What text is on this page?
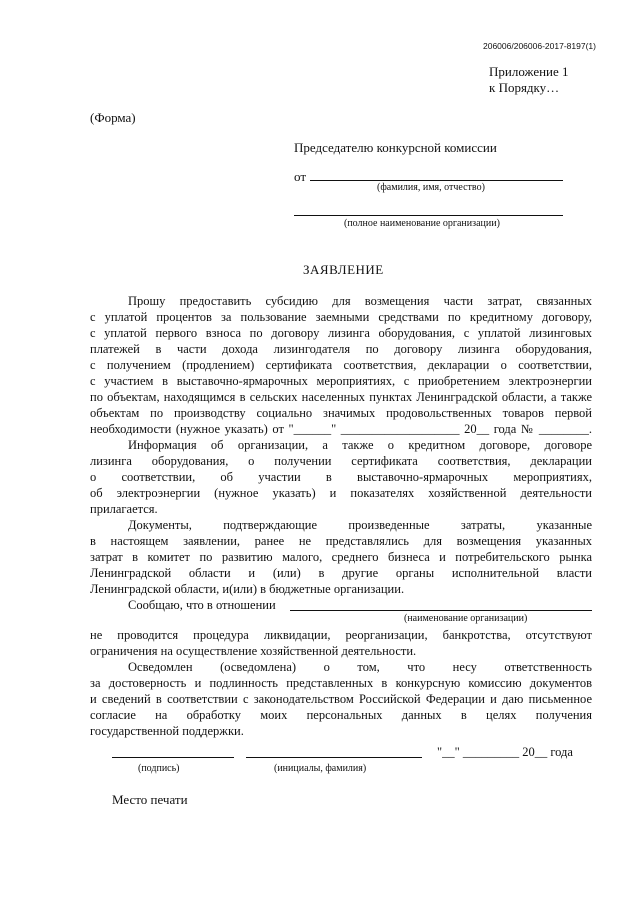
206006/206006-2017-8197(1)
Приложение 1
к Порядку…
(Форма)
Председателю конкурсной комиссии
от
(фамилия, имя, отчество)
(полное наименование организации)
ЗАЯВЛЕНИЕ
Прошу предоставить субсидию для возмещения части затрат, связанных
с уплатой процентов за пользование заемными средствами по кредитному договору,
с уплатой первого взноса по договору лизинга оборудования, с уплатой лизинговых
платежей в части дохода лизингодателя по договору лизинга оборудования,
с получением (продлением) сертификата соответствия, декларации о соответствии,
с участием в выставочно-ярмарочных мероприятиях, с приобретением электроэнергии
по объектам, находящимся в сельских населенных пунктах Ленинградской области, а также
объектам по производству социально значимых продовольственных товаров первой
необходимости (нужное указать) от "______" ___________________ 20__ года № ________.
Информация об организации, а также о кредитном договоре, договоре
лизинга оборудования, о получении сертификата соответствия, декларации
о соответствии, об участии в выставочно-ярмарочных мероприятиях,
об электроэнергии (нужное указать) и показателях хозяйственной деятельности
прилагается.
Документы, подтверждающие произведенные затраты, указанные
в настоящем заявлении, ранее не представлялись для возмещения указанных
затрат в комитет по развитию малого, среднего бизнеса и потребительского рынка
Ленинградской области и (или) в другие органы исполнительной власти
Ленинградской области, и(или) в бюджетные организации.
Сообщаю, что в отношении
(наименование организации)
не проводится процедура ликвидации, реорганизации, банкротства, отсутствуют
ограничения на осуществление хозяйственной деятельности.
Осведомлен (осведомлена) о том, что несу ответственность
за достоверность и подлинность представленных в конкурсную комиссию документов
и сведений в соответствии с законодательством Российской Федерации и даю письменное
согласие на обработку моих персональных данных в целях получения
государственной поддержки.
"__" _________ 20__ года
(подпись)	(инициалы, фамилия)
Место печати
